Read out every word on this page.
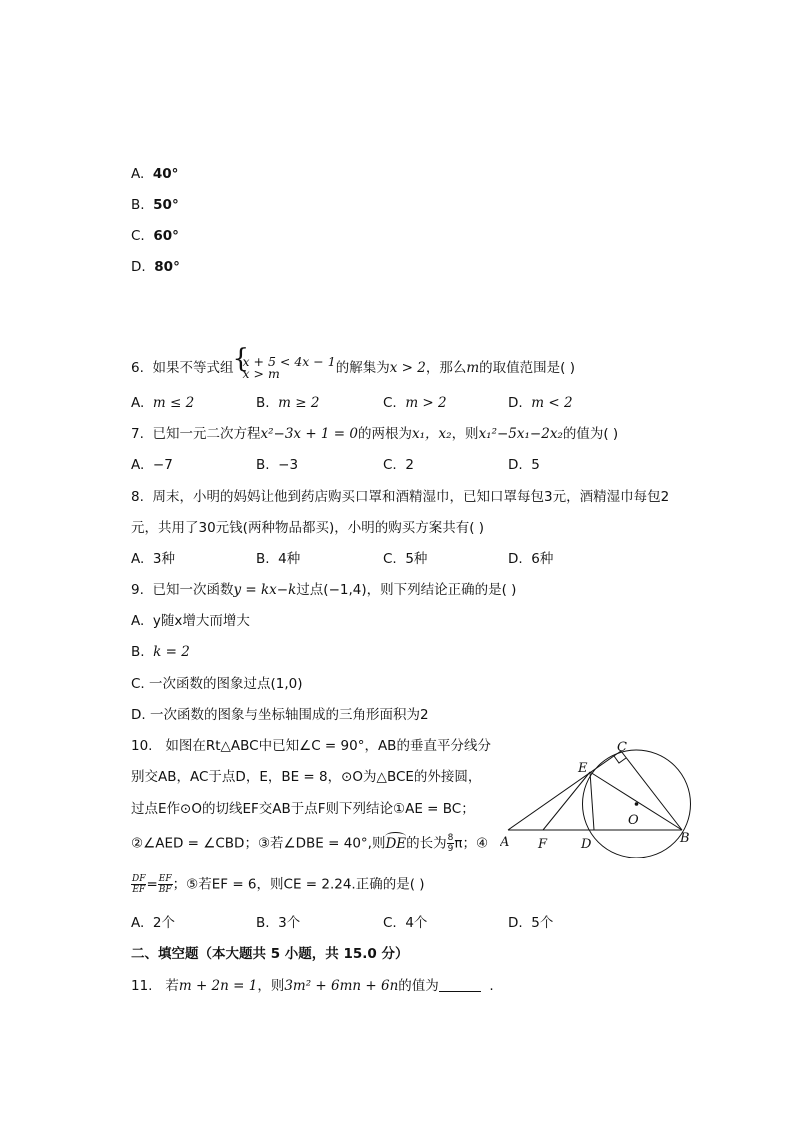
A. 40°
B. 50°
C. 60°
D. 80°
6. 如果不等式组
{ x + 5 < 4x − 1
x > m	的解集为x > 2，那么m的取值范围是( )
A. m ≤ 2	B. m ≥ 2	C. m > 2	D. m < 2
7. 已知一元二次方程x²−3x + 1 = 0的两根为x₁，x₂，则x₁²−5x₁−2x₂的值为( )
A. −7	B. −3	C. 2	D. 5
8. 周末，小明的妈妈让他到药店购买口罩和酒精湿巾，已知口罩每包3元，酒精湿巾每包2
元，共用了30元钱(两种物品都买)，小明的购买方案共有( )
A. 3种	B. 4种	C. 5种	D. 6种
9. 已知一次函数y = kx−k过点(−1,4)，则下列结论正确的是( )
A. y随x增大而增大
B. k = 2
C. 一次函数的图象过点(1,0)
D. 一次函数的图象与坐标轴围成的三角形面积为2
10. 如图在Rt△ABC中已知∠C = 90°，AB的垂直平分线分
别交AB，AC于点D，E，BE = 8，⊙O为△BCE的外接圆，
过点E作⊙O的切线EF交AB于点F则下列结论①AE = BC；
②∠AED = ∠CBD；③若∠DBE = 40°,则
DE的长为 $\frac{8}{9}$ π；④
$\frac{DF}{EF} = \frac{EF}{BF}$ ；⑤若EF = 6，则CE = 2.24.正确的是( )
A. 2个	B. 3个	C. 4个	D. 5个
A F	D	B
C
E
O
二、填空题（本大题共 5 小题，共 15.0 分）
11. 若m + 2n = 1，则3m² + 6mn + 6n的值为	.
